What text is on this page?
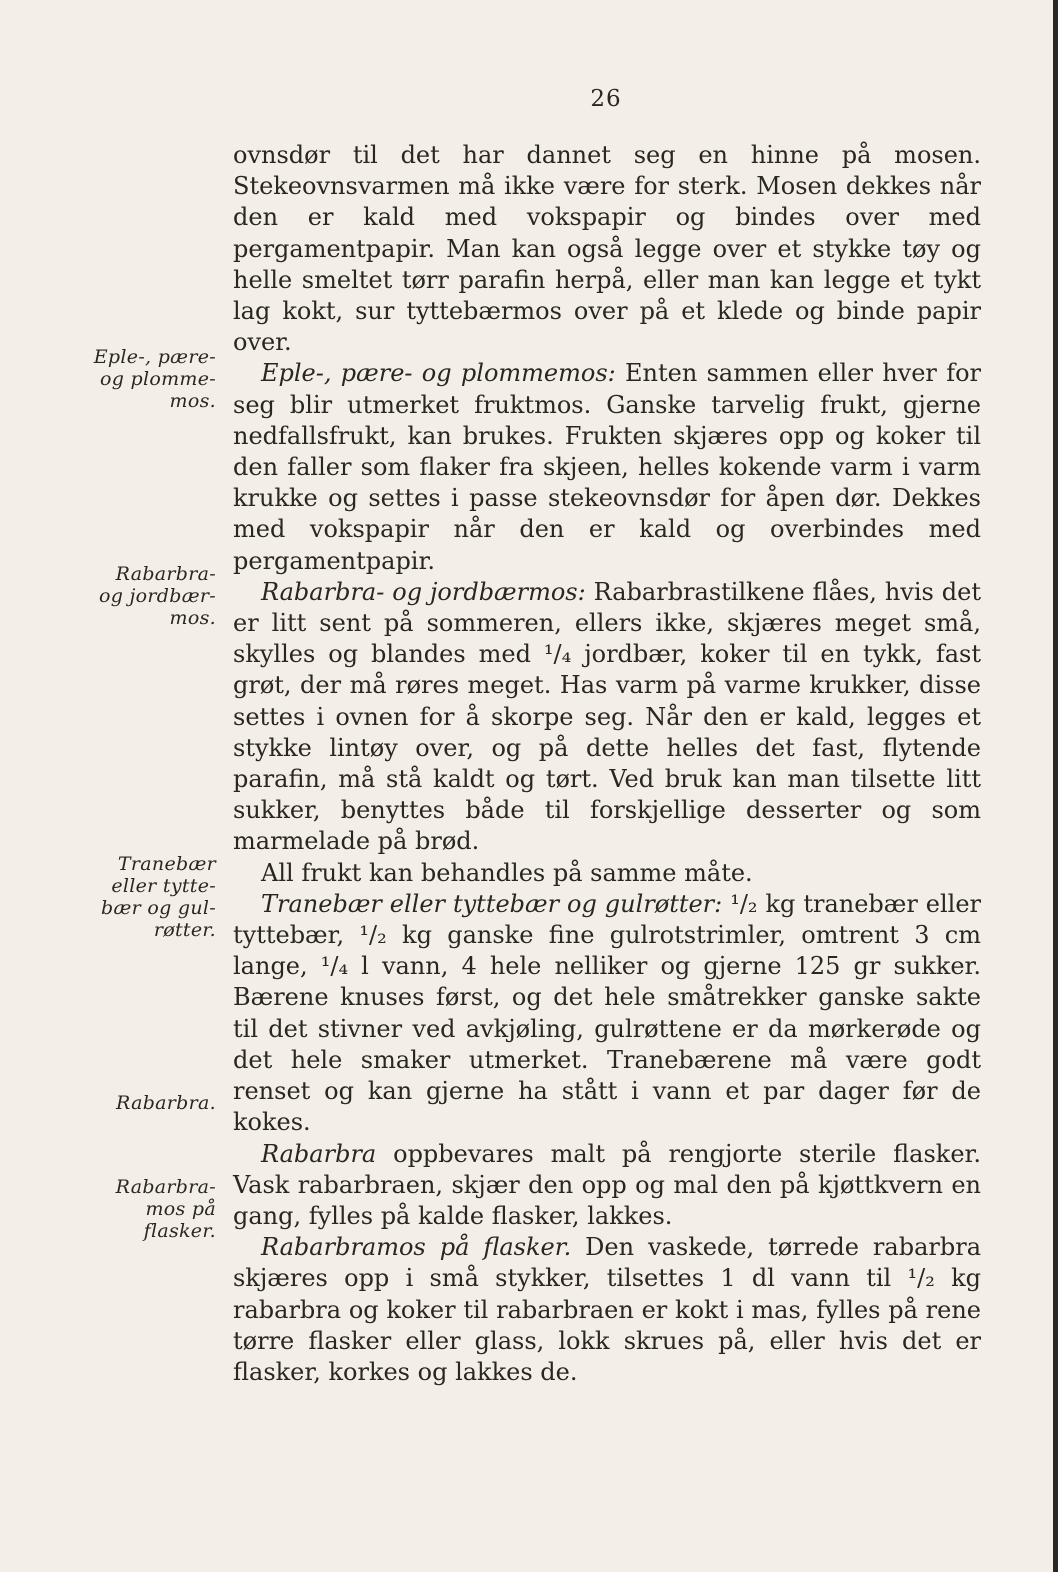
26
Eple-, pære-
og plomme-
mos.
Rabarbra-
og jordbær-
mos.
Tranebær
eller tytte-
bær og gul-
røtter.
Rabarbra.
Rabarbra-
mos på
flasker.

ovnsdør til det har dannet seg en hinne på mosen. Stekeovnsvarmen må ikke være for sterk. Mosen dekkes når den er kald med vokspapir og bindes over med pergamentpapir. Man kan også legge over et stykke tøy og helle smeltet tørr parafin herpå, eller man kan legge et tykt lag kokt, sur tyttebærmos over på et klede og binde papir over.

Eple-, pære- og plommemos: Enten sammen eller hver for seg blir utmerket fruktmos. Ganske tarvelig frukt, gjerne nedfallsfrukt, kan brukes. Frukten skjæres opp og koker til den faller som flaker fra skjeen, helles kokende varm i varm krukke og settes i passe stekeovnsdør for åpen dør. Dekkes med vokspapir når den er kald og overbindes med pergamentpapir.

Rabarbra- og jordbærmos: Rabarbrastilkene flåes, hvis det er litt sent på sommeren, ellers ikke, skjæres meget små, skylles og blandes med ¹/₄ jordbær, koker til en tykk, fast grøt, der må røres meget. Has varm på varme krukker, disse settes i ovnen for å skorpe seg. Når den er kald, legges et stykke lintøy over, og på dette helles det fast, flytende parafin, må stå kaldt og tørt. Ved bruk kan man tilsette litt sukker, benyttes både til forskjellige desserter og som marmelade på brød.

All frukt kan behandles på samme måte.

Tranebær eller tyttebær og gulrøtter: ¹/₂ kg tranebær eller tyttebær, ¹/₂ kg ganske fine gulrotstrimler, omtrent 3 cm lange, ¹/₄ l vann, 4 hele nelliker og gjerne 125 gr sukker. Bærene knuses først, og det hele småtrekker ganske sakte til det stivner ved avkjøling, gulrøttene er da mørkerøde og det hele smaker utmerket. Tranebærene må være godt renset og kan gjerne ha stått i vann et par dager før de kokes.

Rabarbra oppbevares malt på rengjorte sterile flasker. Vask rabarbraen, skjær den opp og mal den på kjøttkvern en gang, fylles på kalde flasker, lakkes.

Rabarbramos på flasker. Den vaskede, tørrede rabarbra skjæres opp i små stykker, tilsettes 1 dl vann til ¹/₂ kg rabarbra og koker til rabarbraen er kokt i mas, fylles på rene tørre flasker eller glass, lokk skrues på, eller hvis det er flasker, korkes og lakkes de.
